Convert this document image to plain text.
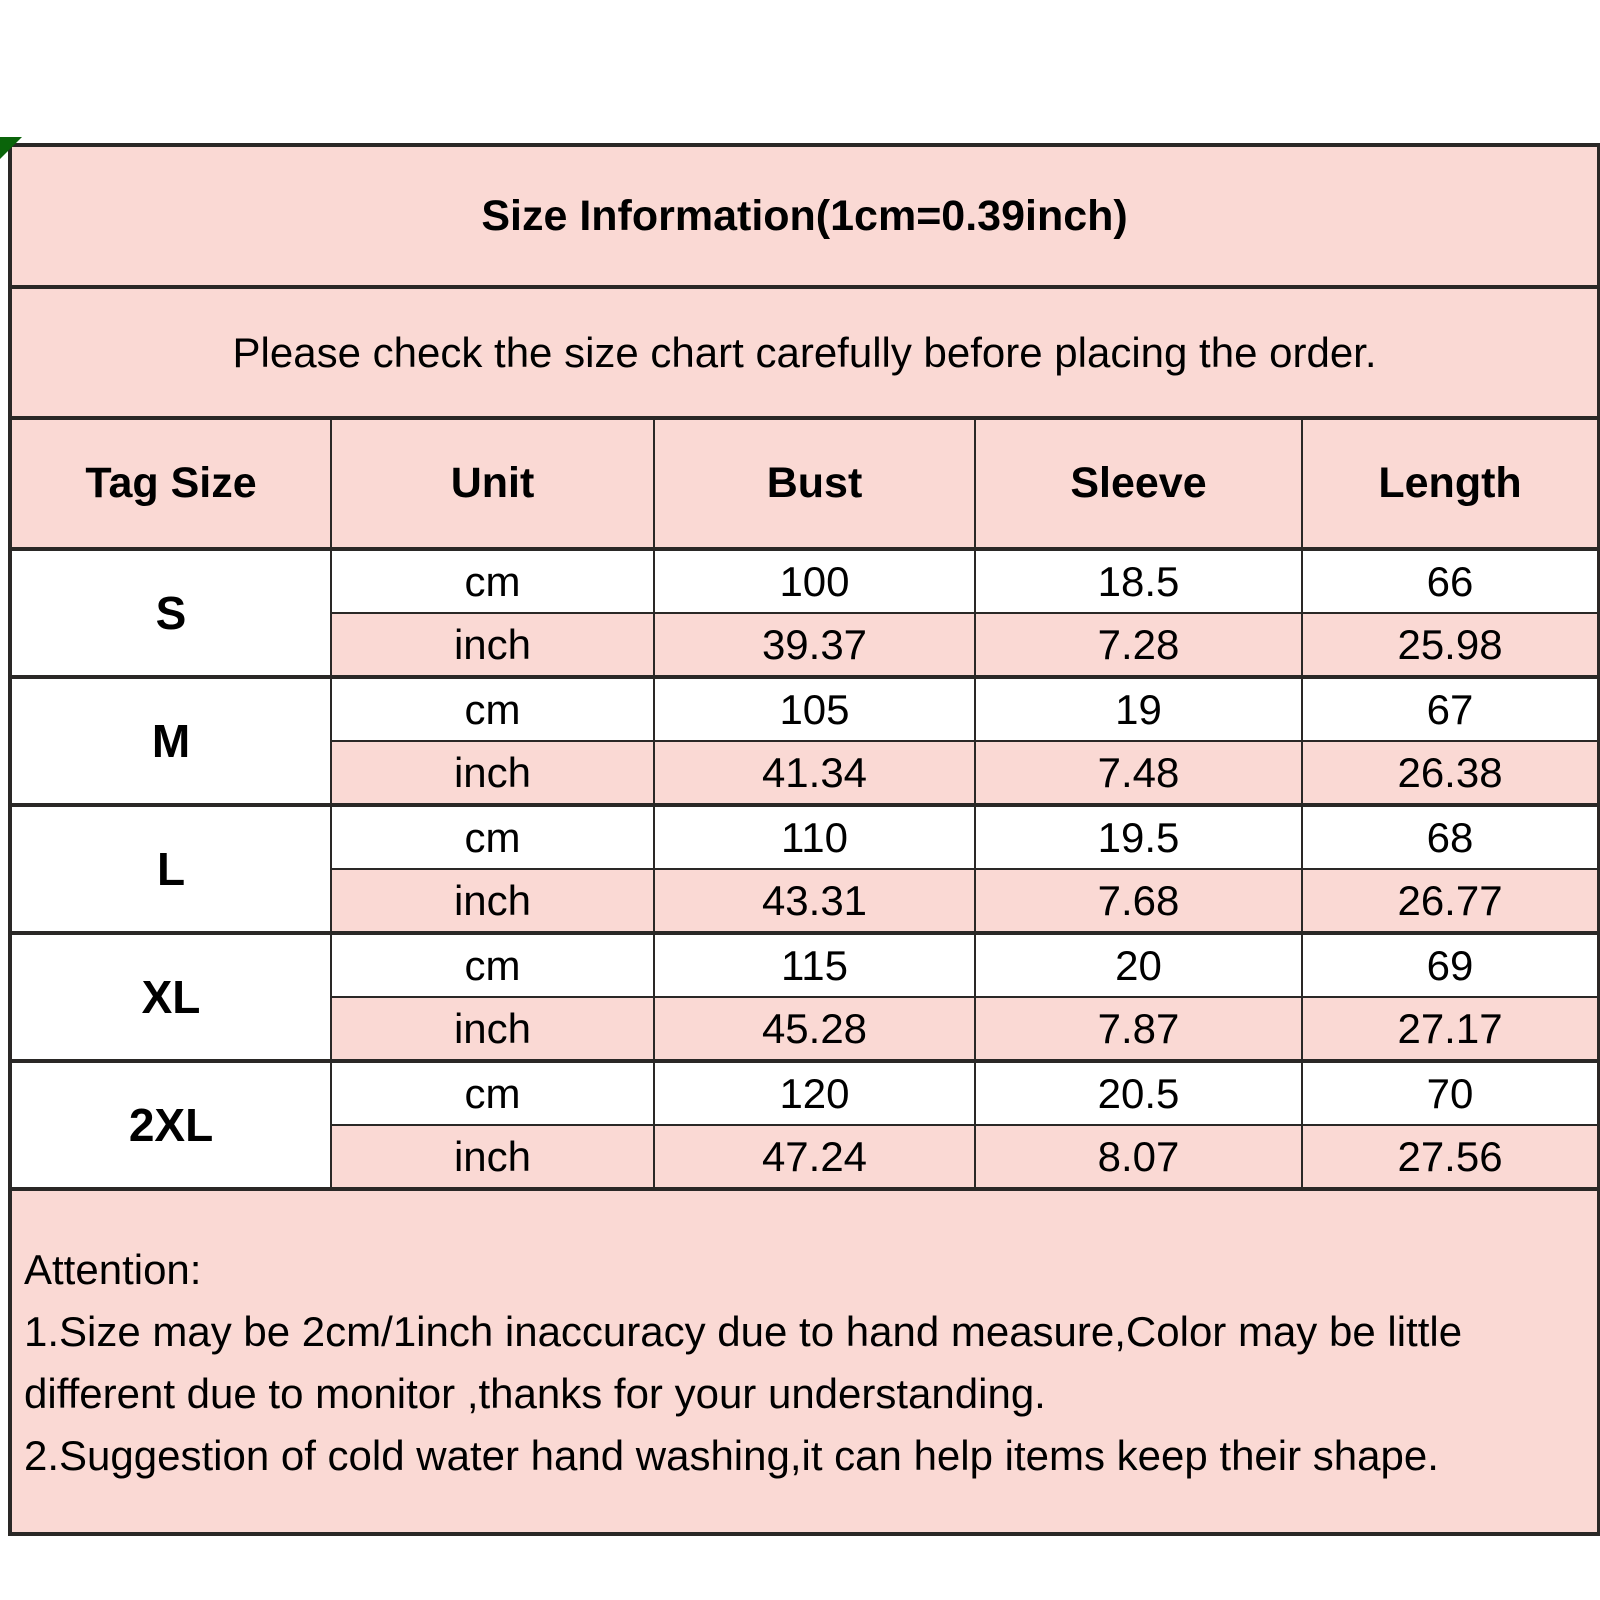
Size Information(1cm=0.39inch)				
Please check the size chart carefully before placing the order.				
Tag Size	Unit	Bust	Sleeve	Length
S	cm	100	18.5	66
	inch	39.37	7.28	25.98
M	cm	105	19	67
	inch	41.34	7.48	26.38
L	cm	110	19.5	68
	inch	43.31	7.68	26.77
XL	cm	115	20	69
	inch	45.28	7.87	27.17
2XL	cm	120	20.5	70
	inch	47.24	8.07	27.56

Attention:
1.Size may be 2cm/1inch inaccuracy due to hand measure,Color may be little different due to monitor ,thanks for your understanding.
2.Suggestion of cold water hand washing,it can help items keep their shape.				
